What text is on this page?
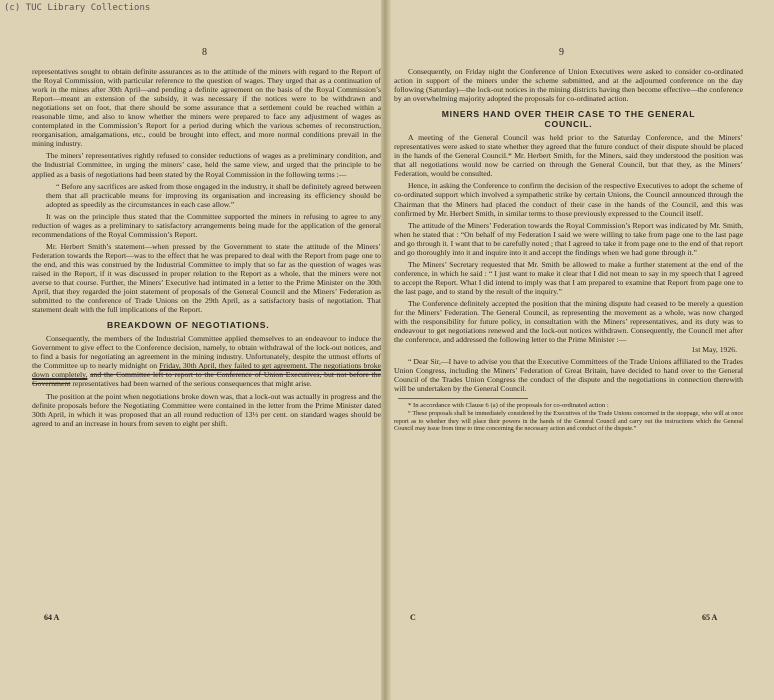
(c) TUC Library Collections
8

representatives sought to obtain definite assurances as to the attitude of the miners with regard to the Report of the Royal Commission, with particular reference to the question of wages. They urged that as a continuation of work in the mines after 30th April—and pending a definite agreement on the basis of the Royal Commission’s Report—meant an extension of the subsidy, it was necessary if the notices were to be withdrawn and negotiations set on foot, that there should be some assurance that a settlement could be reached within a reasonable time, and also to know whether the miners were prepared to face any adjustment of wages as contemplated in the Commission’s Report for a period during which the various schemes of reconstruction, reorganisation, amalgamations, etc., could be brought into effect, and more normal conditions prevail in the mining industry.

The miners’ representatives rightly refused to consider reductions of wages as a preliminary condition, and the Industrial Committee, in urging the miners’ case, held the same view, and urged that the principle to be applied as a basis of negotiations had been stated by the Royal Commission in the following terms :—

“ Before any sacrifices are asked from those engaged in the industry, it shall be definitely agreed between them that all practicable means for improving its organisation and increasing its efficiency should be adopted as speedily as the circumstances in each case allow.”

It was on the principle thus stated that the Committee supported the miners in refusing to agree to any reduction of wages as a preliminary to satisfactory arrangements being made for the application of the general recommendations of the Royal Commission’s Report.

Mr. Herbert Smith’s statement—when pressed by the Government to state the attitude of the Miners’ Federation towards the Report—was to the effect that he was prepared to deal with the Report from page one to the end, and this was construed by the Industrial Committee to imply that so far as the question of wages was raised in the Report, if it was discussed in proper relation to the Report as a whole, that the miners were not averse to that course. Further, the Miners’ Executive had intimated in a letter to the Prime Minister on the 30th April, that they regarded the joint statement of proposals of the General Council and the Miners’ Federation as submitted to the conference of Trade Unions on the 29th April, as a satisfactory basis of negotiation. That statement dealt with the full implications of the Report.

BREAKDOWN OF NEGOTIATIONS.

Consequently, the members of the Industrial Committee applied themselves to an endeavour to induce the Government to give effect to the Conference decision, namely, to obtain withdrawal of the lock-out notices, and to find a basis for negotiating an agreement in the mining industry. Unfortunately, despite the utmost efforts of the Committee up to nearly midnight on Friday, 30th April, they failed to get agreement. The negotiations broke down completely, and the Committee left to report to the Conference of Union Executives, but not before the Government representatives had been warned of the serious consequences that might arise.

The position at the point when negotiations broke down was, that a lock-out was actually in progress and the definite proposals before the Negotiating Committee were contained in the letter from the Prime Minister dated 30th April, in which it was proposed that an all round reduction of 13⅓ per cent. on standard wages should be agreed to and an increase in hours from seven to eight per shift.

64 A
9

Consequently, on Friday night the Conference of Union Executives were asked to consider co-ordinated action in support of the miners under the scheme submitted, and at the adjourned conference on the day following (Saturday)—the lock-out notices in the mining districts having then become effective—the conference by an overwhelming majority adopted the proposals for co-ordinated action.

MINERS HAND OVER THEIR CASE TO THE GENERAL
COUNCIL.

A meeting of the General Council was held prior to the Saturday Conference, and the Miners’ representatives were asked to state whether they agreed that the future conduct of their dispute should be placed in the hands of the General Council.* Mr. Herbert Smith, for the Miners, said they understood the position was that all negotiations would now be carried on through the General Council, but that they, as the Miners’ Federation, would be consulted.

Hence, in asking the Conference to confirm the decision of the respective Executives to adopt the scheme of co-ordinated support which involved a sympathetic strike by certain Unions, the Council announced through the Chairman that the Miners had placed the conduct of their case in the hands of the Council, and this was confirmed by Mr. Herbert Smith, in similar terms to those previously expressed to the Council itself.

The attitude of the Miners’ Federation towards the Royal Commission’s Report was indicated by Mr. Smith, when he stated that : “On behalf of my Federation I said we were willing to take from page one to the last page and go through it. I want that to be carefully noted ; that I agreed to take it from page one to the end of that report and go thoroughly into it and inquire into it and accept the findings when we had gone through it.”

The Miners’ Secretary requested that Mr. Smith be allowed to make a further statement at the end of the conference, in which he said : “ I just want to make it clear that I did not mean to say in my speech that I agreed to accept the Report. What I did intend to imply was that I am prepared to examine that Report from page one to the last page, and to stand by the result of the inquiry.”

The Conference definitely accepted the position that the mining dispute had ceased to be merely a question for the Miners’ Federation. The General Council, as representing the movement as a whole, was now charged with the responsibility for future policy, in consultation with the Miners’ representatives, and its duty was to endeavour to get negotiations renewed and the lock-out notices withdrawn. Consequently, the Council met after the conference, and addressed the following letter to the Prime Minister :—

1st May, 1926.

“ Dear Sir,—I have to advise you that the Executive Committees of the Trade Unions affiliated to the Trades Union Congress, including the Miners’ Federation of Great Britain, have decided to hand over to the General Council of the Trades Union Congress the conduct of the dispute and the negotiations in connection therewith will be undertaken by the General Council.

* In accordance with Clause 6 (a) of the proposals for co-ordinated action :

“ These proposals shall be immediately considered by the Executives of the Trade Unions concerned in the stoppage, who will at once report as to whether they will place their powers in the hands of the General Council and carry out the instructions which the General Council may issue from time to time concerning the necessary action and conduct of the dispute.”

C	65 A
